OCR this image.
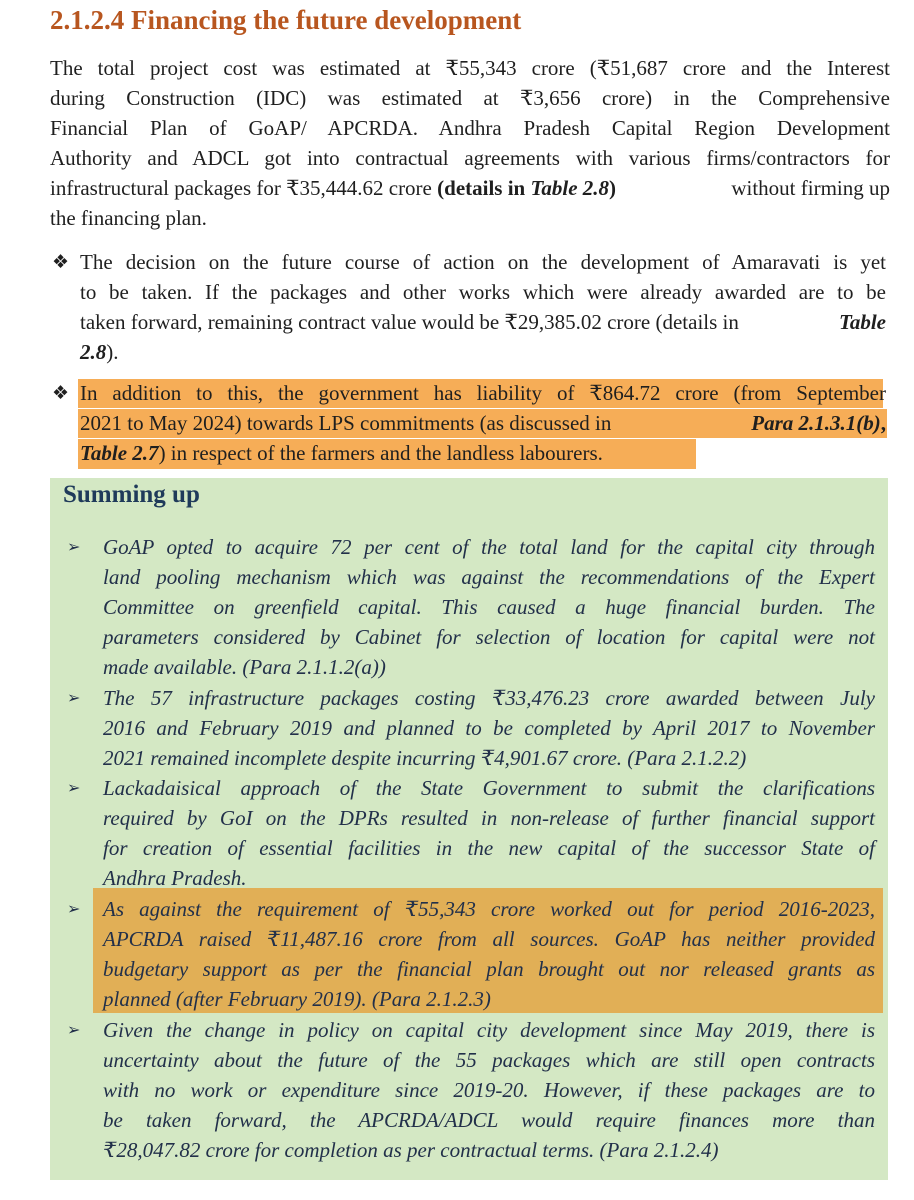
2.1.2.4 Financing the future development
The total project cost was estimated at ₹55,343 crore (₹51,687 crore and the Interest
during Construction (IDC) was estimated at ₹3,656 crore) in the Comprehensive
Financial Plan of GoAP/ APCRDA. Andhra Pradesh Capital Region Development
Authority and ADCL got into contractual agreements with various firms/contractors for
infrastructural packages for ₹35,444.62 crore (details in Table 2.8)	without firming up
the financing plan.
❖ The decision on the future course of action on the development of Amaravati is yet
to be taken. If the packages and other works which were already awarded are to be
taken forward, remaining contract value would be ₹29,385.02 crore (details in	Table
2.8).
❖ In addition to this, the government has liability of ₹864.72 crore (from September
2021 to May 2024) towards LPS commitments (as discussed in	Para 2.1.3.1(b),
Table 2.7) in respect of the farmers and the landless labourers.
Summing up
➢ GoAP opted to acquire 72 per cent of the total land for the capital city through
land pooling mechanism which was against the recommendations of the Expert
Committee on greenfield capital. This caused a huge financial burden. The
parameters considered by Cabinet for selection of location for capital were not
made available. (Para 2.1.1.2(a))
➢ The 57 infrastructure packages costing ₹33,476.23 crore awarded between July
2016 and February 2019 and planned to be completed by April 2017 to November
2021 remained incomplete despite incurring ₹4,901.67 crore. (Para 2.1.2.2)
➢ Lackadaisical approach of the State Government to submit the clarifications
required by GoI on the DPRs resulted in non-release of further financial support
for creation of essential facilities in the new capital of the successor State of
Andhra Pradesh.
➢ As against the requirement of ₹55,343 crore worked out for period 2016-2023,
APCRDA raised ₹11,487.16 crore from all sources. GoAP has neither provided
budgetary support as per the financial plan brought out nor released grants as
planned (after February 2019). (Para 2.1.2.3)
➢ Given the change in policy on capital city development since May 2019, there is
uncertainty about the future of the 55 packages which are still open contracts
with no work or expenditure since 2019-20. However, if these packages are to
be taken forward, the APCRDA/ADCL would require finances more than
₹28,047.82 crore for completion as per contractual terms. (Para 2.1.2.4)
